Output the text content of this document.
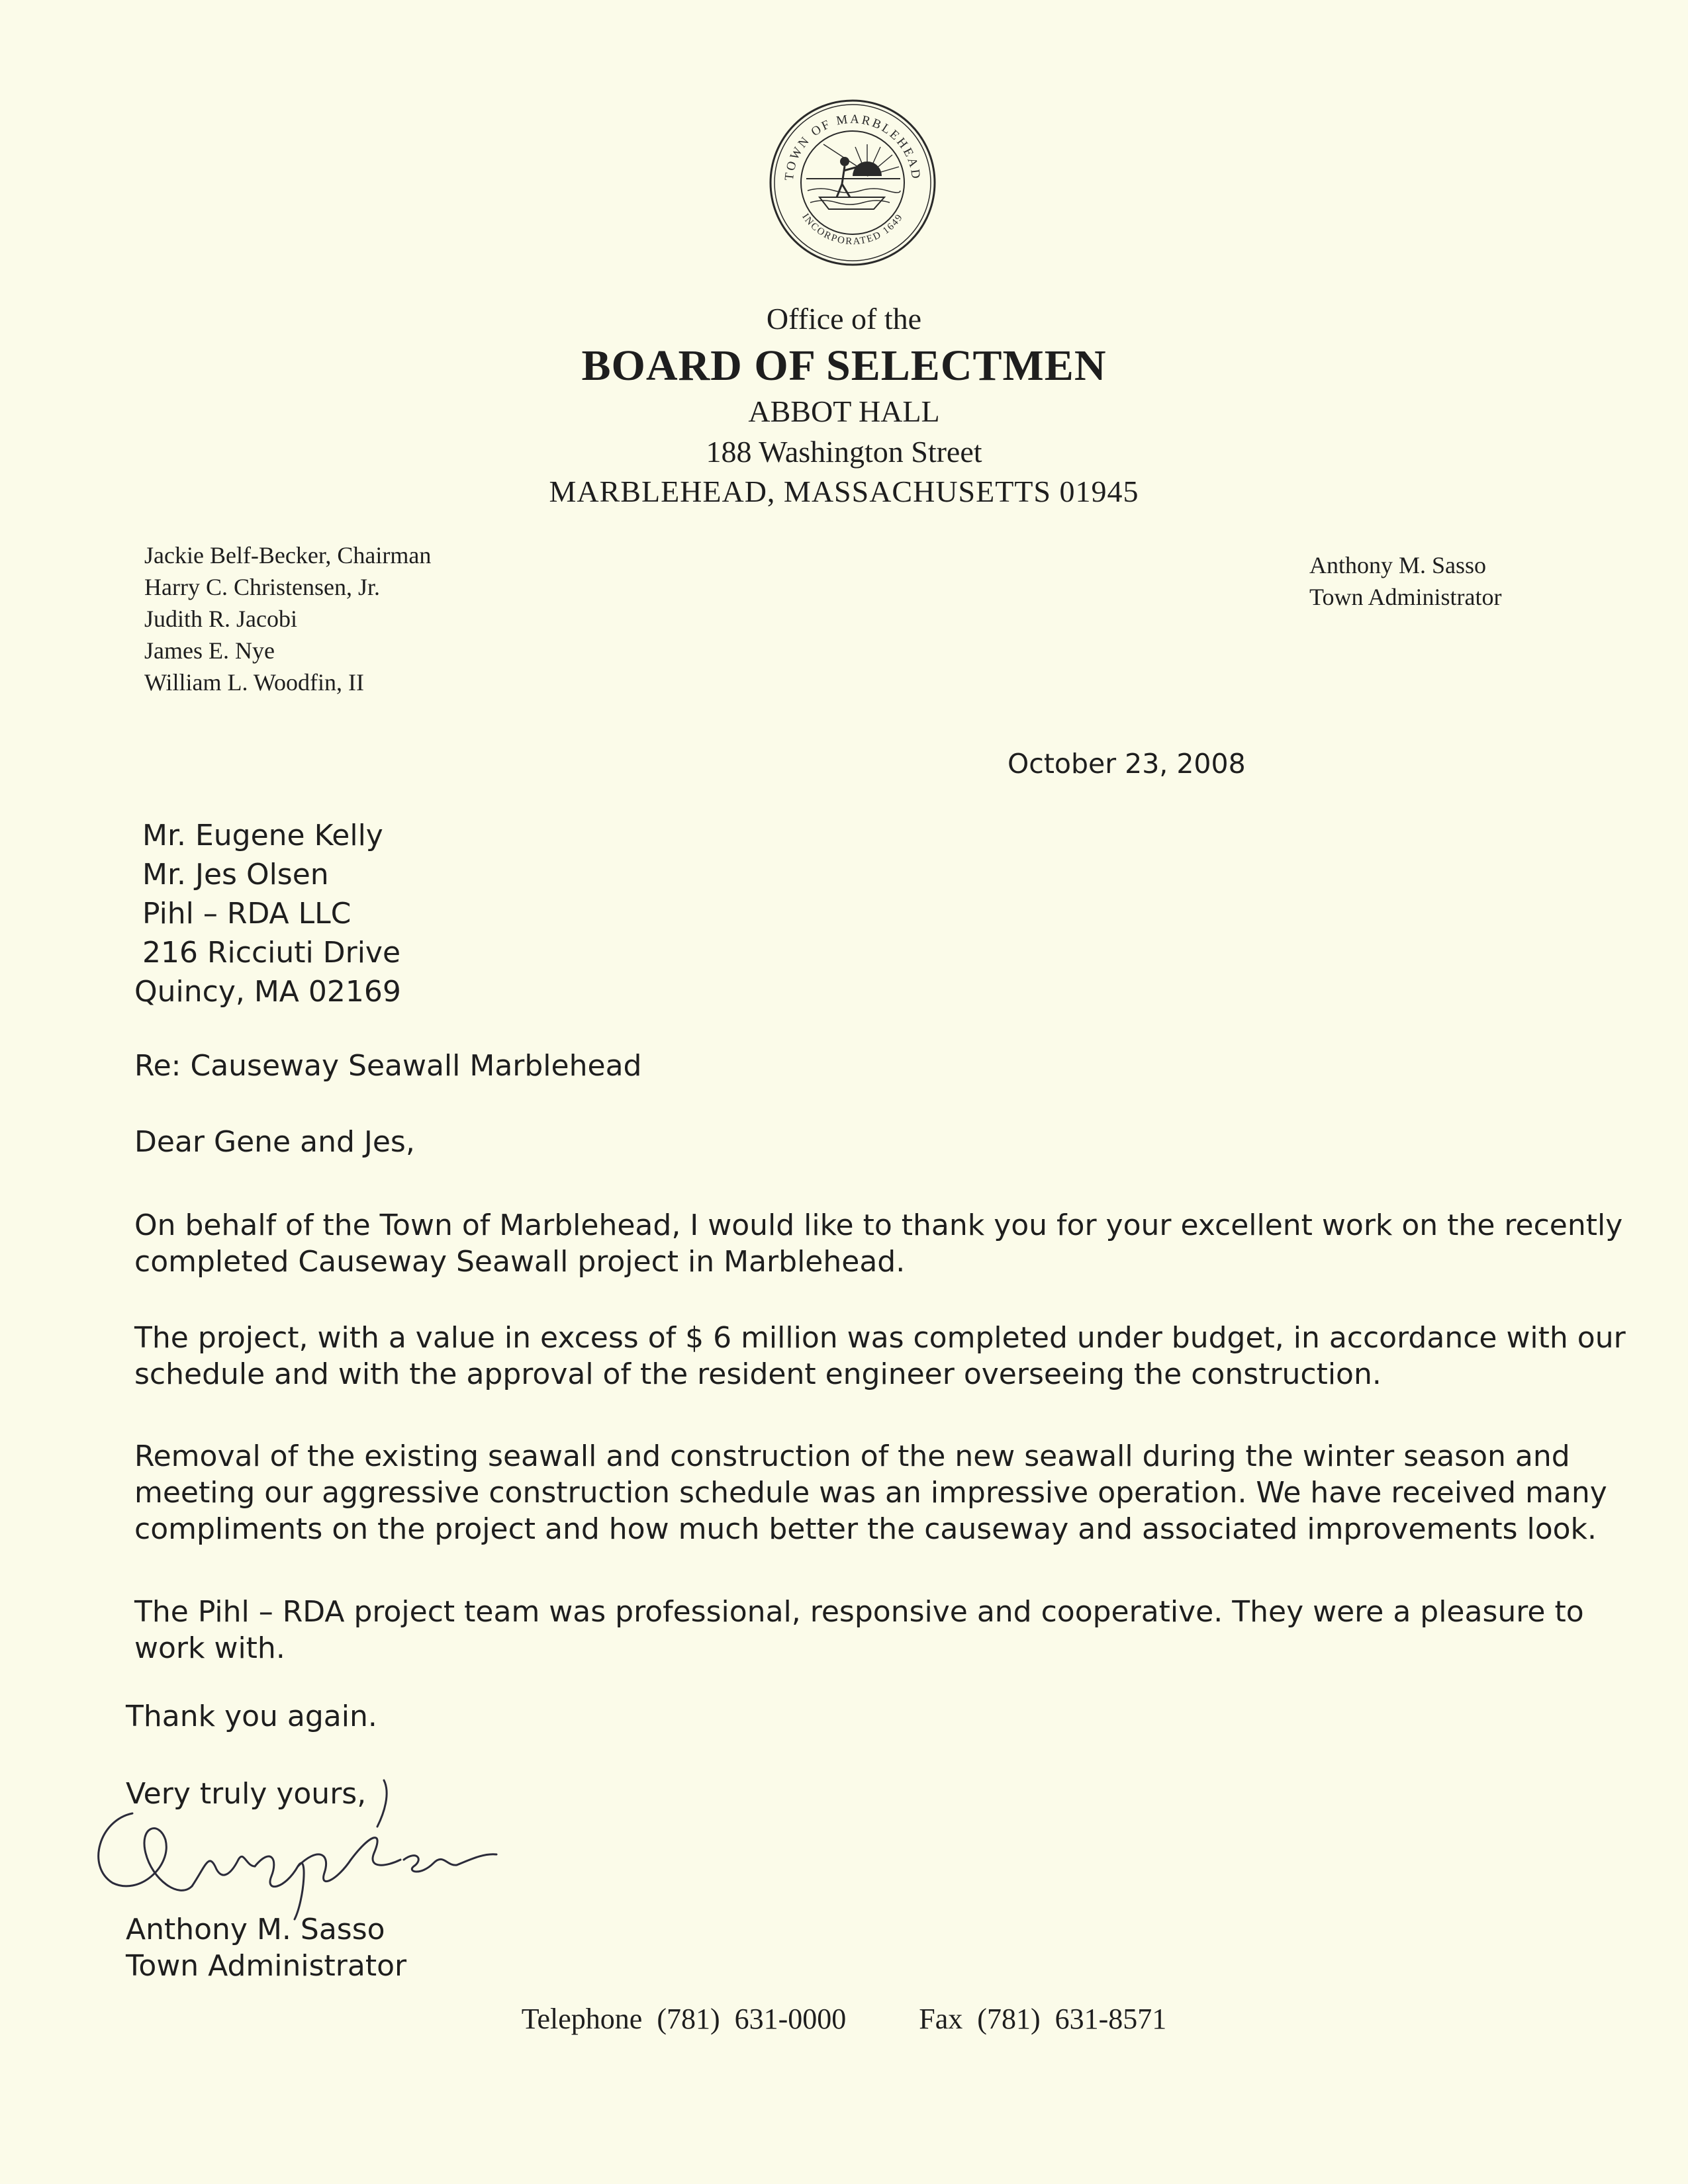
TOWN OF MARBLEHEAD
INCORPORATED 1649
Office of the
BOARD OF SELECTMEN
ABBOT HALL
188 Washington Street
MARBLEHEAD, MASSACHUSETTS 01945
Jackie Belf-Becker, Chairman
Harry C. Christensen, Jr.
Judith R. Jacobi
James E. Nye
William L. Woodfin, II
Anthony M. Sasso
Town Administrator
October 23, 2008
Mr. Eugene Kelly
Mr. Jes Olsen
Pihl – RDA LLC
216 Ricciuti Drive
Quincy, MA 02169
Re: Causeway Seawall Marblehead
Dear Gene and Jes,
On behalf of the Town of Marblehead, I would like to thank you for your excellent work on the recently completed Causeway Seawall project in Marblehead.
The project, with a value in excess of $ 6 million was completed under budget, in accordance with our schedule and with the approval of the resident engineer overseeing the construction.
Removal of the existing seawall and construction of the new seawall during the winter season and meeting our aggressive construction schedule was an impressive operation. We have received many compliments on the project and how much better the causeway and associated improvements look.
The Pihl – RDA project team was professional, responsive and cooperative. They were a pleasure to work with.
Thank you again.
Very truly yours,
Anthony M. Sasso
Town Administrator
Telephone  (781)  631-0000	Fax  (781)  631-8571
